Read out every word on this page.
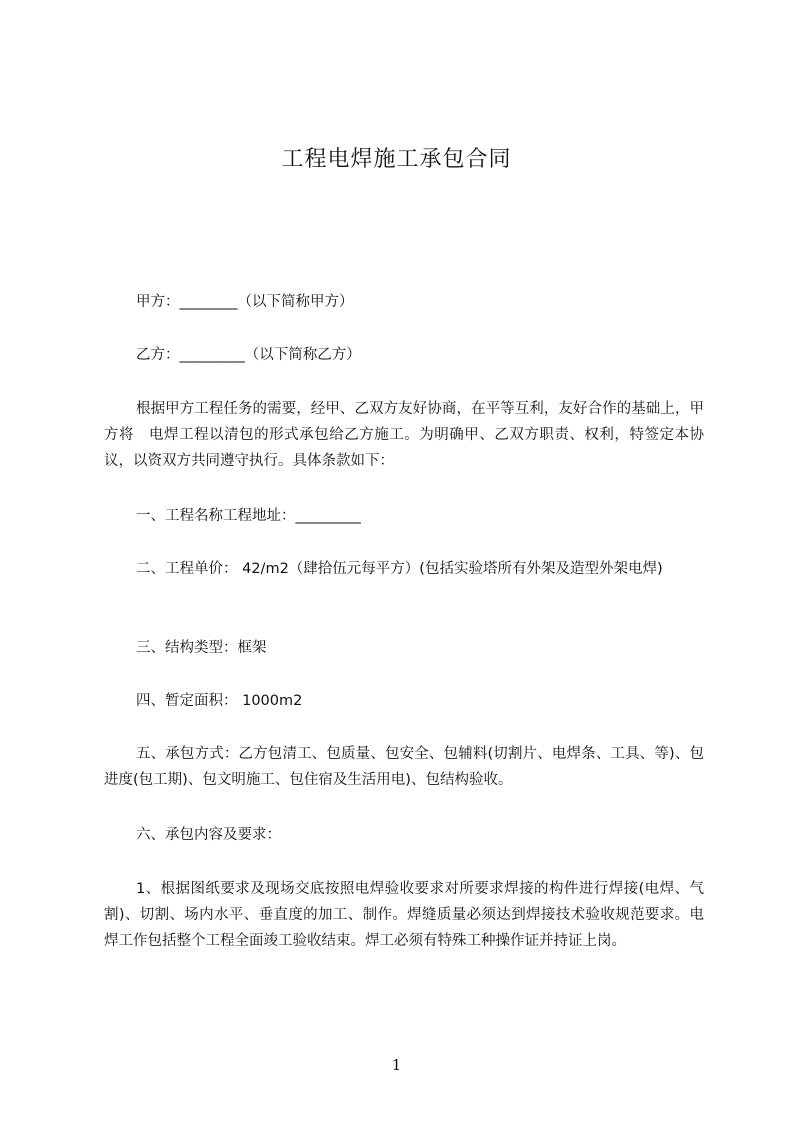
工程电焊施工承包合同
甲方：________（以下简称甲方）
乙方：_________（以下简称乙方）
根据甲方工程任务的需要，经甲、乙双方友好协商，在平等互利，友好合作的基础上，甲方将　电焊工程以清包的形式承包给乙方施工。为明确甲、乙双方职责、权利，特签定本协议，以资双方共同遵守执行。具体条款如下：
一、工程名称工程地址：_________
二、工程单价： 42/m2（肆拾伍元每平方）(包括实验塔所有外架及造型外架电焊)
三、结构类型：框架
四、暂定面积： 1000m2
五、承包方式：乙方包清工、包质量、包安全、包辅料(切割片、电焊条、工具、等)、包进度(包工期)、包文明施工、包住宿及生活用电)、包结构验收。
六、承包内容及要求：
1、根据图纸要求及现场交底按照电焊验收要求对所要求焊接的构件进行焊接(电焊、气割)、切割、场内水平、垂直度的加工、制作。焊缝质量必须达到焊接技术验收规范要求。电焊工作包括整个工程全面竣工验收结束。焊工必须有特殊工种操作证并持证上岗。
1
